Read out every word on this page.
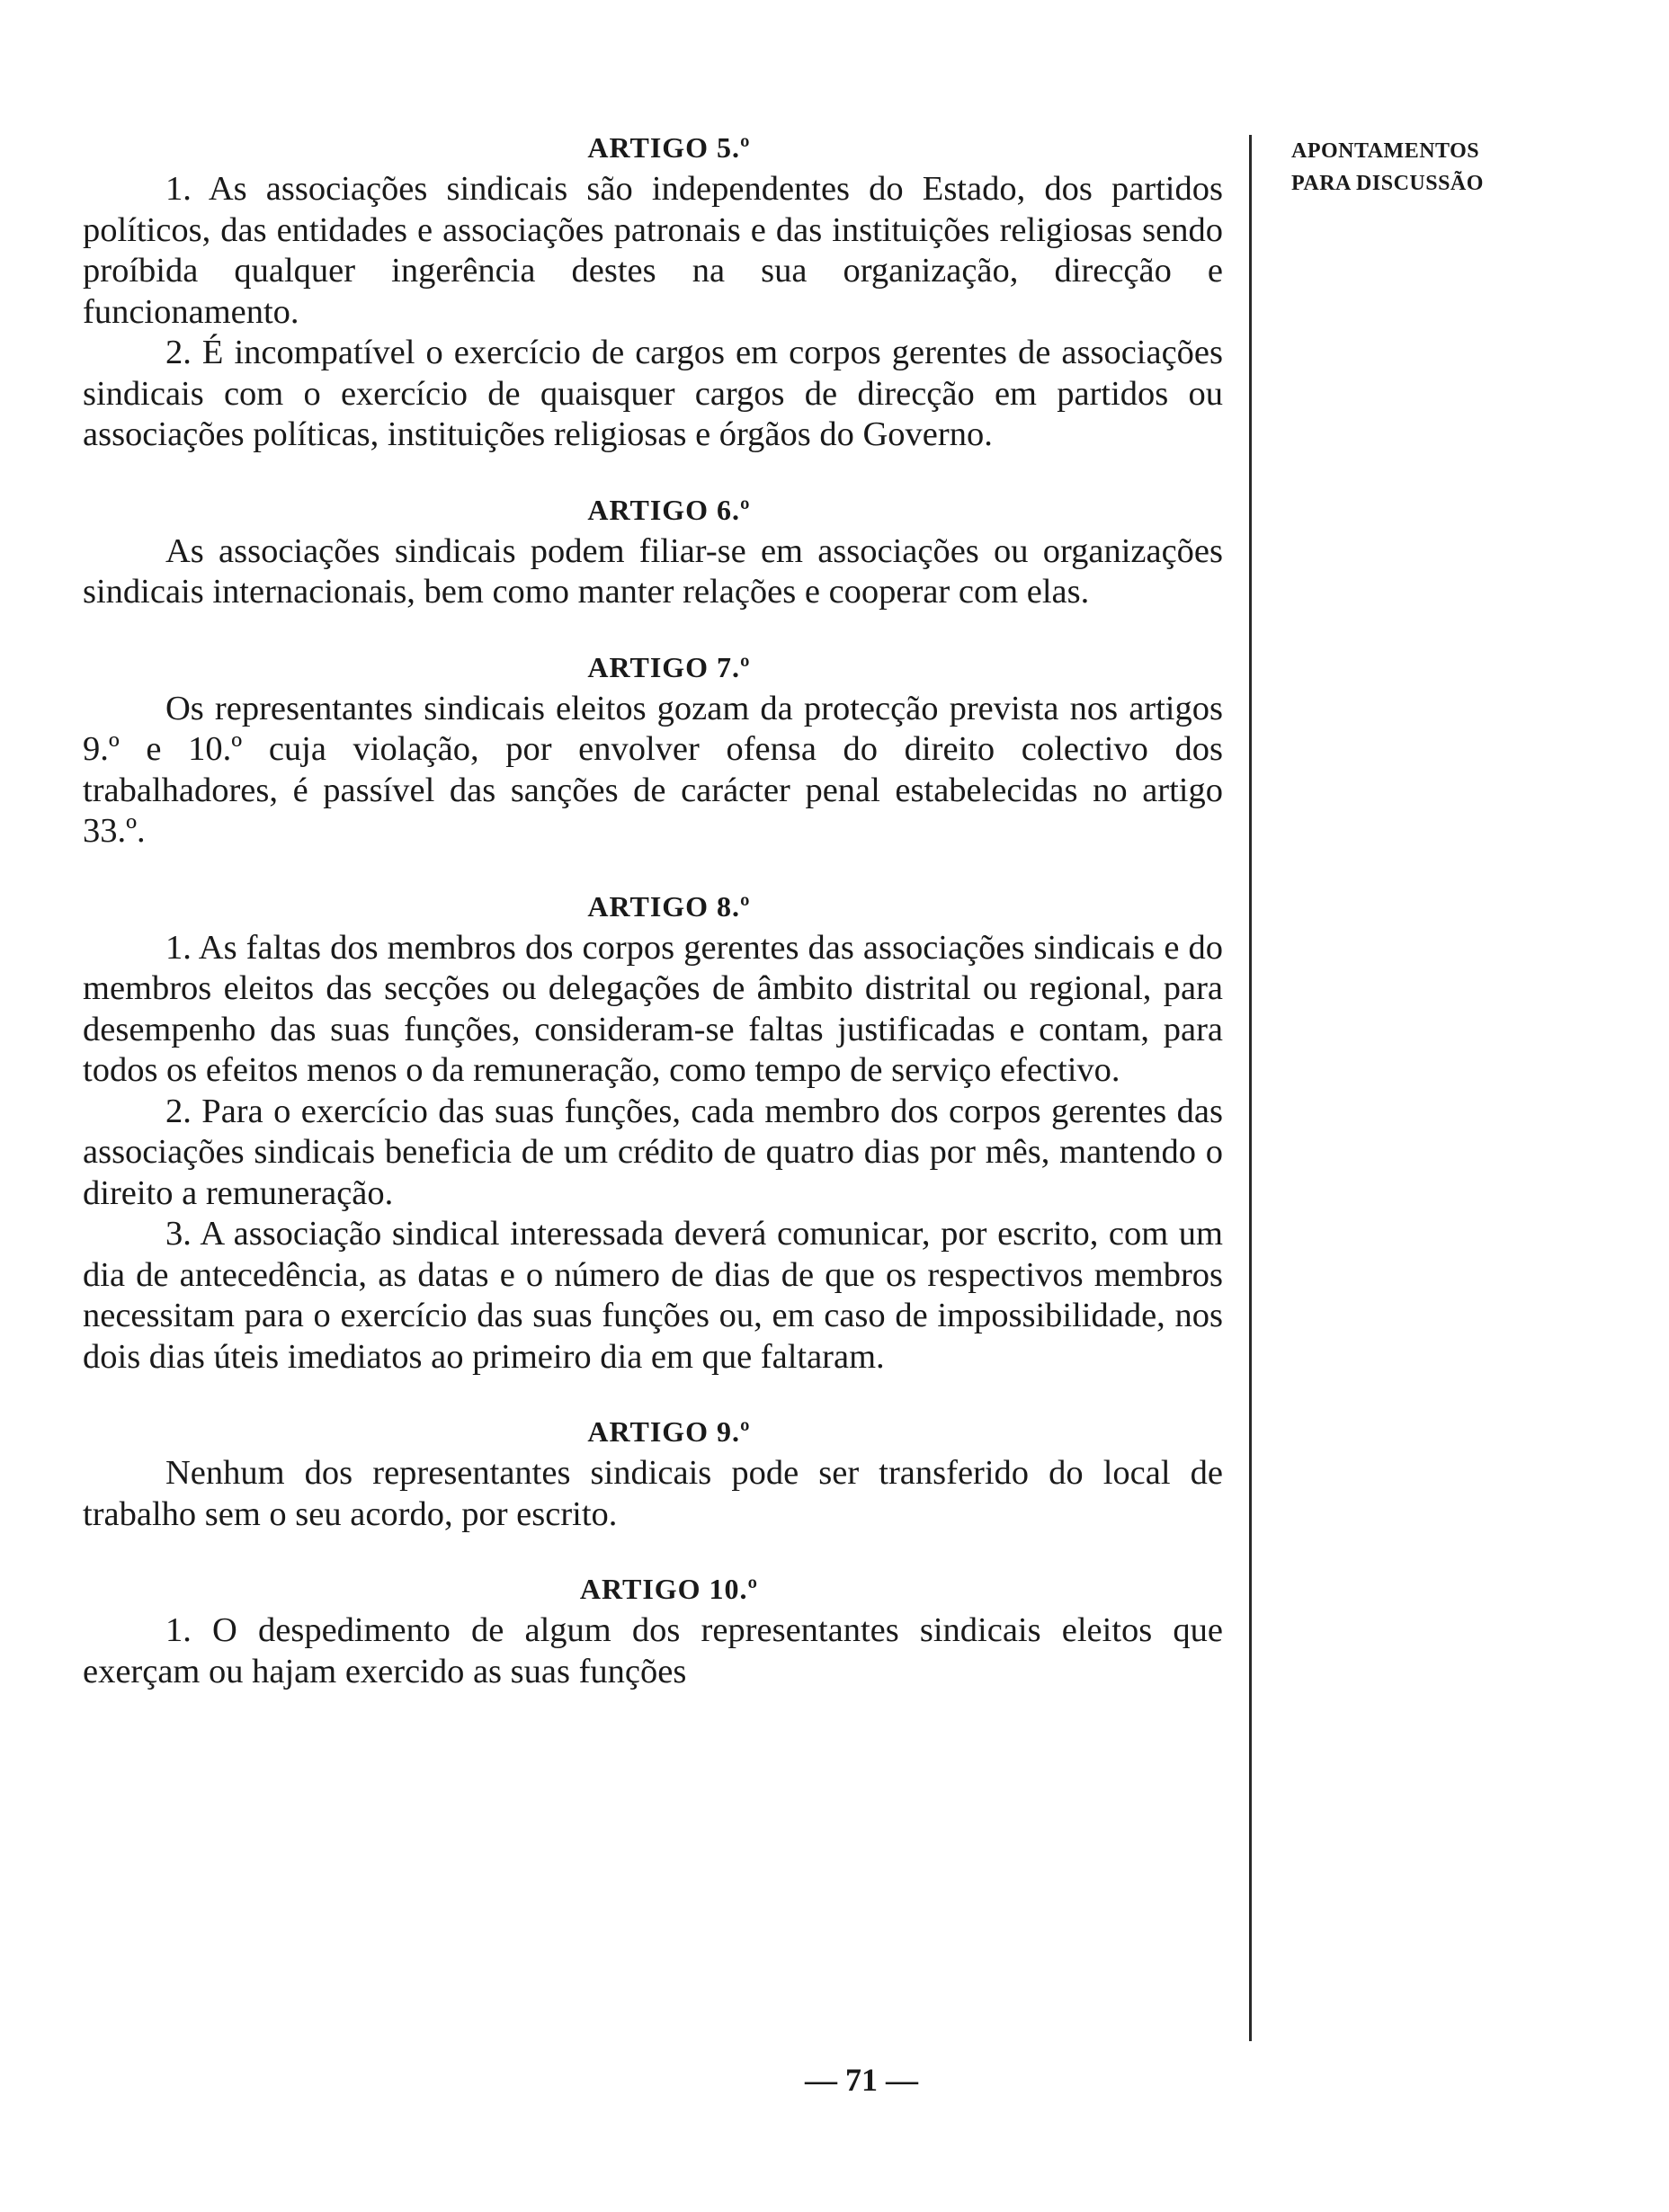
ARTIGO 5.º

1. As associações sindicais são independentes do Estado, dos partidos políticos, das entidades e associações patronais e das instituições religiosas sendo proíbida qualquer ingerência destes na sua organização, direcção e funcionamento.

2. É incompatível o exercício de cargos em corpos gerentes de associações sindicais com o exercício de quaisquer cargos de direcção em partidos ou associações políticas, instituições religiosas e órgãos do Governo.

ARTIGO 6.º

As associações sindicais podem filiar-se em associações ou organizações sindicais internacionais, bem como manter relações e cooperar com elas.

ARTIGO 7.º

Os representantes sindicais eleitos gozam da protecção prevista nos artigos 9.º e 10.º cuja violação, por envolver ofensa do direito colectivo dos trabalhadores, é passível das sanções de carácter penal estabelecidas no artigo 33.º.

ARTIGO 8.º

1. As faltas dos membros dos corpos gerentes das associações sindicais e do membros eleitos das secções ou delegações de âmbito distrital ou regional, para desempenho das suas funções, consideram-se faltas justificadas e contam, para todos os efeitos menos o da remuneração, como tempo de serviço efectivo.

2. Para o exercício das suas funções, cada membro dos corpos gerentes das associações sindicais beneficia de um crédito de quatro dias por mês, mantendo o direito a remuneração.

3. A associação sindical interessada deverá comunicar, por escrito, com um dia de antecedência, as datas e o número de dias de que os respectivos membros necessitam para o exercício das suas funções ou, em caso de impossibilidade, nos dois dias úteis imediatos ao primeiro dia em que faltaram.

ARTIGO 9.º

Nenhum dos representantes sindicais pode ser transferido do local de trabalho sem o seu acordo, por escrito.

ARTIGO 10.º

1. O despedimento de algum dos representantes sindicais eleitos que exerçam ou hajam exercido as suas funções

APONTAMENTOS
PARA DISCUSSÃO
— 71 —
